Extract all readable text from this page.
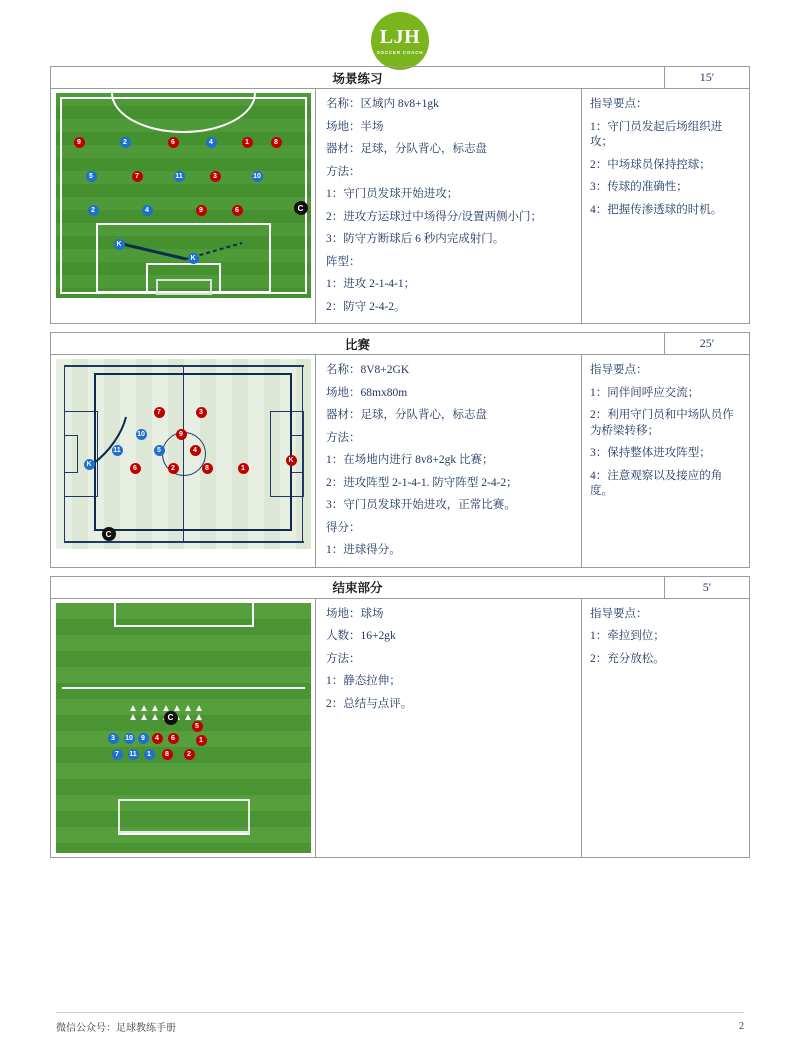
LJH
SOCCER COACH
场景练习	15′
9	2	6	4	1	8
5	7	11	3	10
2	4	9	6
K
K
C

名称：区域内 8v8+1gk

场地：半场

器材：足球，分队背心，标志盘

方法：

1：守门员发球开始进攻；

2：进攻方运球过中场得分/设置两侧小门；

3：防守方断球后 6 秒内完成射门。

阵型：

1：进攻 2-1-4-1；

2：防守 2-4-2。

指导要点：

1：守门员发起后场组织进攻；

2：中场球员保持控球；

3：传球的准确性；

4：把握传渗透球的时机。

比赛	25′
7	3
9
10
11	5	4
K
6	2	8	1
K
C

名称：8V8+2GK

场地：68mx80m

器材：足球，分队背心，标志盘

方法：

1：在场地内进行 8v8+2gk 比赛；

2：进攻阵型 2-1-4-1. 防守阵型 2-4-2；

3：守门员发球开始进攻，正常比赛。

得分：

1：进球得分。

指导要点：

1：同伴间呼应交流；

2：利用守门员和中场队员作为桥梁转移；

3：保持整体进攻阵型；

4：注意观察以及接应的角度。

结束部分	5′
C
1
5
6
4
2
8
3	10	9
7	11	1

场地：球场

人数：16+2gk

方法：

1：静态拉伸；

2：总结与点评。

指导要点：

1：牵拉到位；

2：充分放松。

微信公众号：足球教练手册	2
